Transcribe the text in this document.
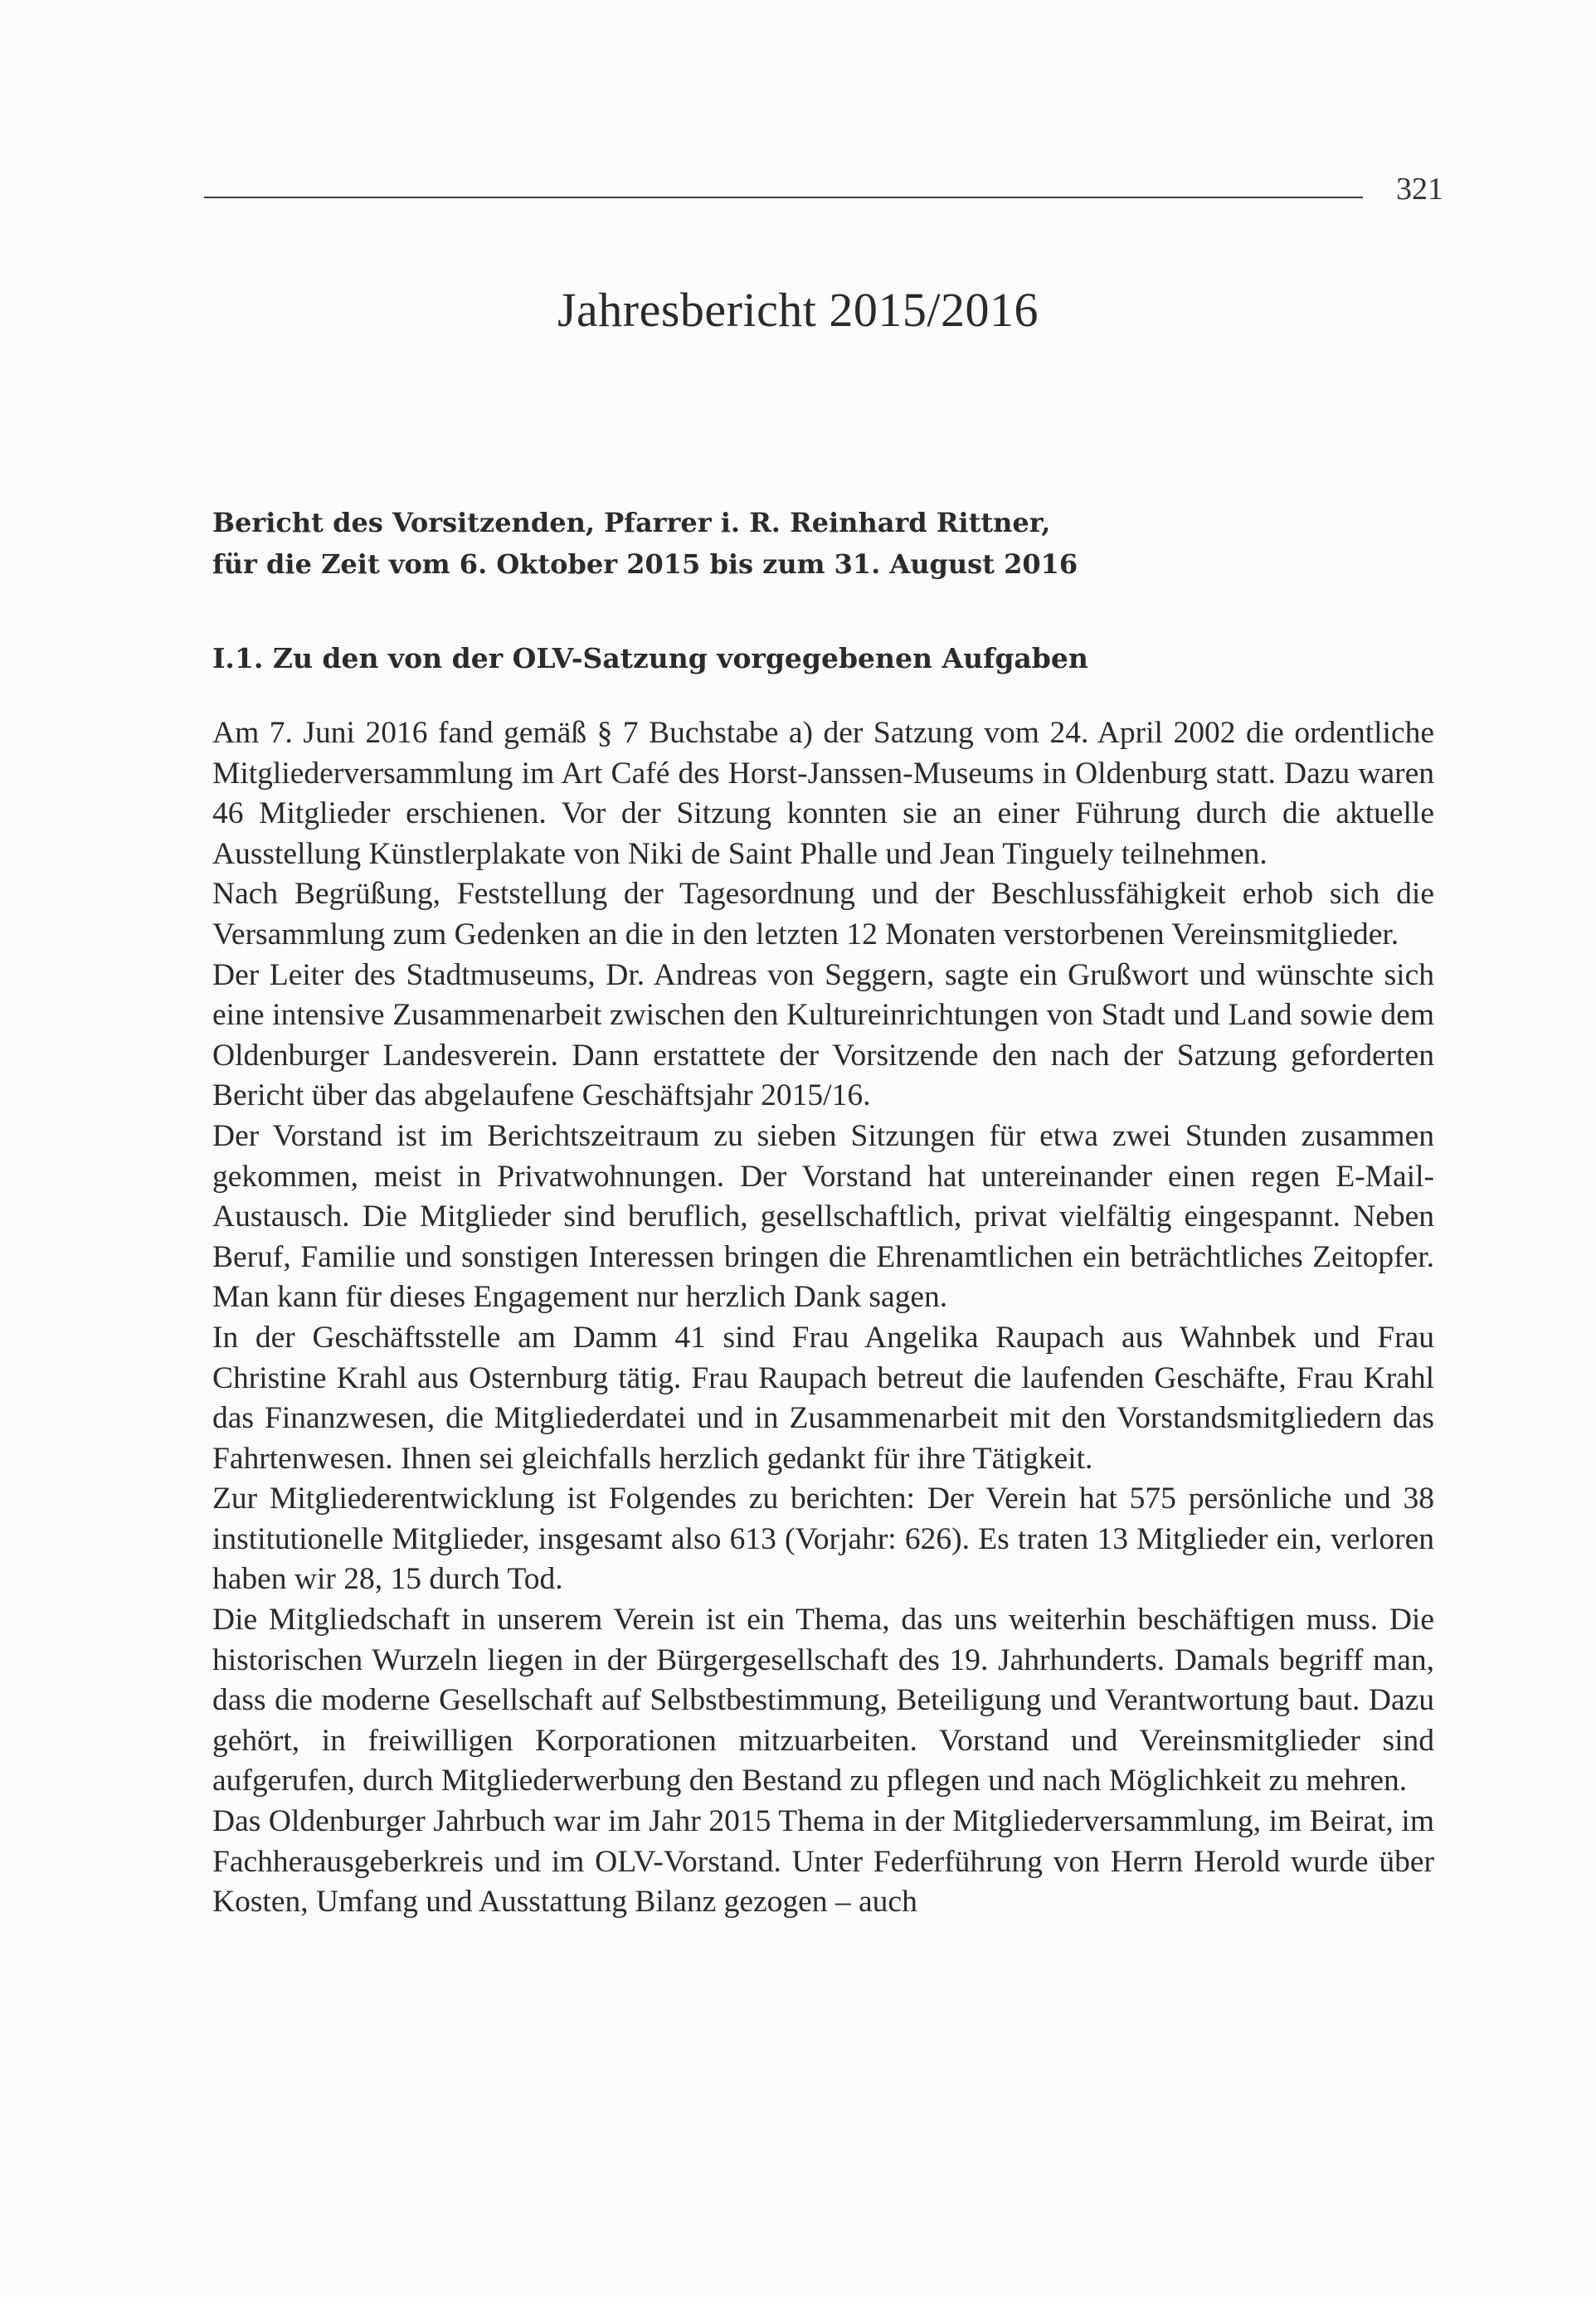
321
Jahresbericht 2015/2016
Bericht des Vorsitzenden, Pfarrer i. R. Reinhard Rittner,
für die Zeit vom 6. Oktober 2015 bis zum 31. August 2016
I.1. Zu den von der OLV-Satzung vorgegebenen Aufgaben

Am 7. Juni 2016 fand gemäß § 7 Buchstabe a) der Satzung vom 24. April 2002 die ordentliche Mitgliederversammlung im Art Café des Horst-Janssen-Museums in Oldenburg statt. Dazu waren 46 Mitglieder erschienen. Vor der Sitzung konnten sie an einer Führung durch die aktuelle Ausstellung Künstlerplakate von Niki de Saint Phalle und Jean Tinguely teilnehmen.

Nach Begrüßung, Feststellung der Tagesordnung und der Beschlussfähigkeit erhob sich die Versammlung zum Gedenken an die in den letzten 12 Monaten verstorbenen Vereinsmitglieder.

Der Leiter des Stadtmuseums, Dr. Andreas von Seggern, sagte ein Grußwort und wünschte sich eine intensive Zusammenarbeit zwischen den Kultureinrichtungen von Stadt und Land sowie dem Oldenburger Landesverein. Dann erstattete der Vorsitzende den nach der Satzung geforderten Bericht über das abgelaufene Geschäftsjahr 2015/16.

Der Vorstand ist im Berichtszeitraum zu sieben Sitzungen für etwa zwei Stunden zusammen gekommen, meist in Privatwohnungen. Der Vorstand hat untereinander einen regen E-Mail-Austausch. Die Mitglieder sind beruflich, gesellschaftlich, privat vielfältig eingespannt. Neben Beruf, Familie und sonstigen Interessen bringen die Ehrenamtlichen ein beträchtliches Zeitopfer. Man kann für dieses Engagement nur herzlich Dank sagen.

In der Geschäftsstelle am Damm 41 sind Frau Angelika Raupach aus Wahnbek und Frau Christine Krahl aus Osternburg tätig. Frau Raupach betreut die laufenden Geschäfte, Frau Krahl das Finanzwesen, die Mitgliederdatei und in Zusammenarbeit mit den Vorstandsmitgliedern das Fahrtenwesen. Ihnen sei gleichfalls herzlich gedankt für ihre Tätigkeit.

Zur Mitgliederentwicklung ist Folgendes zu berichten: Der Verein hat 575 persönliche und 38 institutionelle Mitglieder, insgesamt also 613 (Vorjahr: 626). Es traten 13 Mitglieder ein, verloren haben wir 28, 15 durch Tod.

Die Mitgliedschaft in unserem Verein ist ein Thema, das uns weiterhin beschäftigen muss. Die historischen Wurzeln liegen in der Bürgergesellschaft des 19. Jahrhunderts. Damals begriff man, dass die moderne Gesellschaft auf Selbstbestimmung, Beteiligung und Verantwortung baut. Dazu gehört, in freiwilligen Korporationen mitzuarbeiten. Vorstand und Vereinsmitglieder sind aufgerufen, durch Mitgliederwerbung den Bestand zu pflegen und nach Möglichkeit zu mehren.

Das Oldenburger Jahrbuch war im Jahr 2015 Thema in der Mitgliederversammlung, im Beirat, im Fachherausgeberkreis und im OLV-Vorstand. Unter Federführung von Herrn Herold wurde über Kosten, Umfang und Ausstattung Bilanz gezogen – auch
